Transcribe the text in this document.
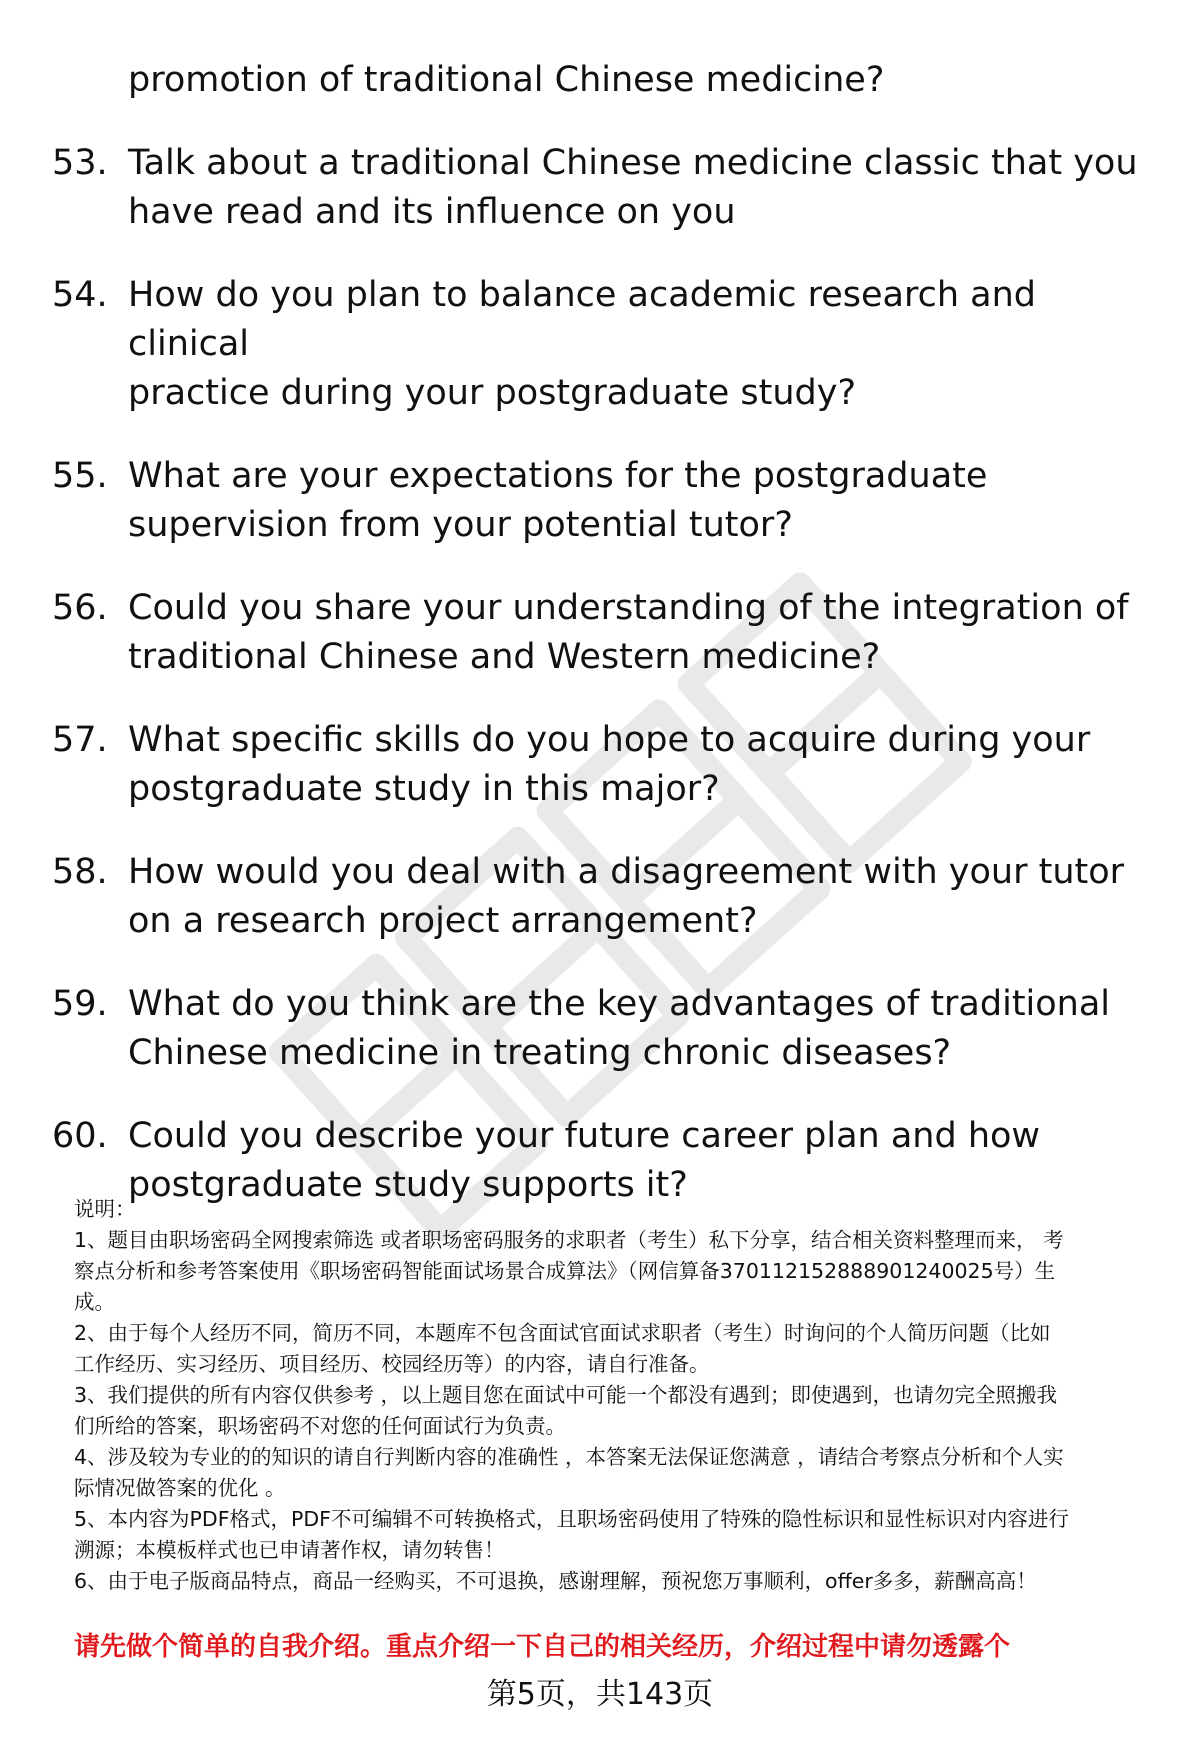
promotion of traditional Chinese medicine?
53. Talk about a traditional Chinese medicine classic that you
have read and its influence on you
54. How do you plan to balance academic research and clinical
practice during your postgraduate study?
55. What are your expectations for the postgraduate
supervision from your potential tutor?
56. Could you share your understanding of the integration of
traditional Chinese and Western medicine?
57. What specific skills do you hope to acquire during your
postgraduate study in this major?
58. How would you deal with a disagreement with your tutor
on a research project arrangement?
59. What do you think are the key advantages of traditional
Chinese medicine in treating chronic diseases?
60. Could you describe your future career plan and how
postgraduate study supports it?

说明：

1、题目由职场密码全网搜索筛选 或者职场密码服务的求职者（考生）私下分享，结合相关资料整理而来， 考

察点分析和参考答案使用《职场密码智能面试场景合成算法》（网信算备370112152888901240025号）生

成。

2、由于每个人经历不同，简历不同，本题库不包含面试官面试求职者（考生）时询问的个人简历问题（比如

工作经历、实习经历、项目经历、校园经历等）的内容，请自行准备。

3、我们提供的所有内容仅供参考 ，以上题目您在面试中可能一个都没有遇到；即使遇到，也请勿完全照搬我

们所给的答案，职场密码不对您的任何面试行为负责。

4、涉及较为专业的的知识的请自行判断内容的准确性 ，本答案无法保证您满意 ，请结合考察点分析和个人实

际情况做答案的优化 。

5、本内容为PDF格式，PDF不可编辑不可转换格式，且职场密码使用了特殊的隐性标识和显性标识对内容进行

溯源；本模板样式也已申请著作权，请勿转售！

6、由于电子版商品特点，商品一经购买，不可退换，感谢理解，预祝您万事顺利，offer多多，薪酬高高！

请先做个简单的自我介绍。重点介绍一下自己的相关经历，介绍过程中请勿透露个
第5页，共143页
